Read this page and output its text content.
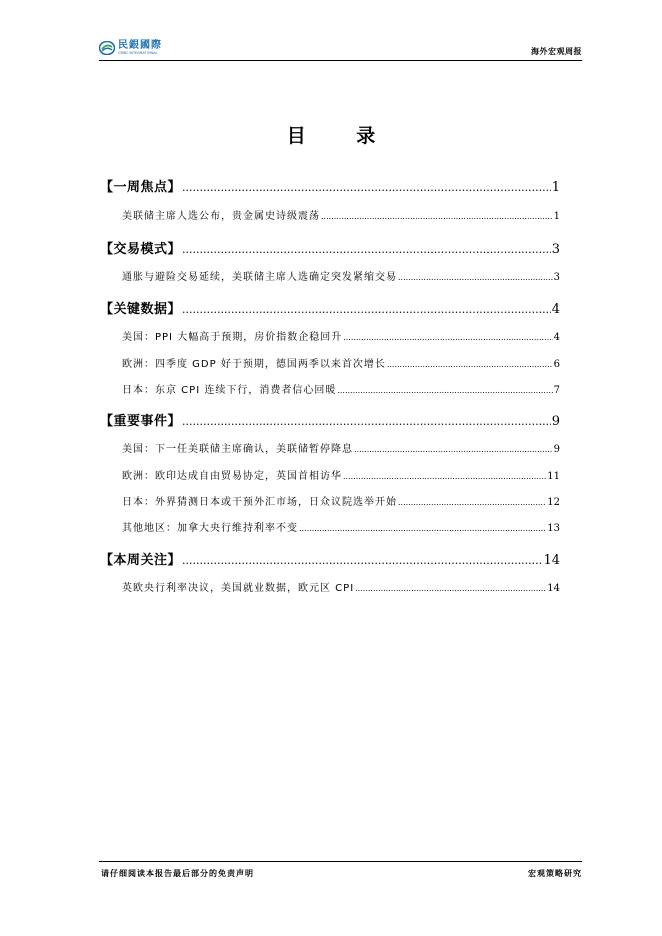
民銀國際
CMBC INTERNATIONAL	海外宏观周报
目 录
【一周焦点】 .....	1
美联储主席人选公布，贵金属史诗级震荡 .....	1
【交易模式】 .....	3
通胀与避险交易延续，美联储主席人选确定突发紧缩交易 .....	3
【关键数据】 .....	4
美国：PPI 大幅高于预期，房价指数企稳回升 .....	4
欧洲：四季度 GDP 好于预期，德国两季以来首次增长 .....	6
日本：东京 CPI 连续下行，消费者信心回暖 .....	7
【重要事件】 .....	9
美国：下一任美联储主席确认，美联储暂停降息 .....	9
欧洲：欧印达成自由贸易协定，英国首相访华 .....	11
日本：外界猜测日本或干预外汇市场，日众议院选举开始 .....	12
其他地区：加拿大央行维持利率不变 .....	13
【本周关注】 .....	14
英欧央行利率决议，美国就业数据，欧元区 CPI .....	14
请仔细阅读本报告最后部分的免责声明	宏观策略研究
